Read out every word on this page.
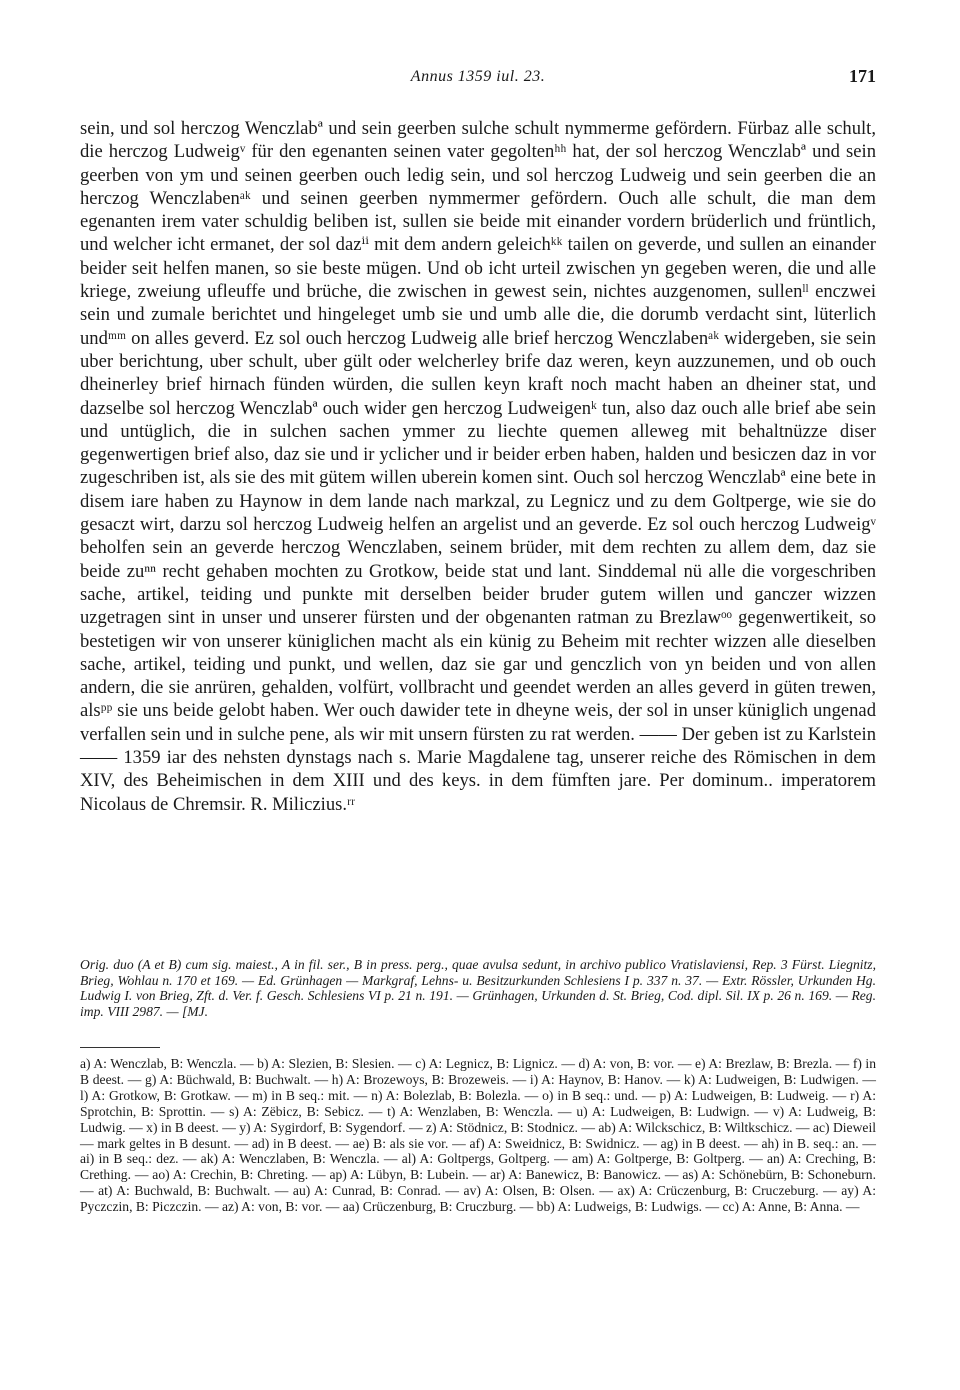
Annus 1359 iul. 23.	171

sein, und sol herczog Wenczlabª und sein geerben sulche schult nymmerme gefördern. Fürbaz alle schult, die herczog Ludweigᵛ für den egenanten seinen vater gegoltenʰʰ hat, der sol herczog Wenczlabª und sein geerben von ym und seinen geerben ouch ledig sein, und sol herczog Ludweig und sein geerben die an herczog Wenczlabenᵃᵏ und seinen geerben nymmermer gefördern. Ouch alle schult, die man dem egenanten irem vater schuldig beliben ist, sullen sie beide mit einander vordern brüderlich und früntlich, und welcher icht ermanet, der sol dazⁱⁱ mit dem andern geleichᵏᵏ tailen on geverde, und sullen an einander beider seit helfen manen, so sie beste mügen. Und ob icht urteil zwischen yn gegeben weren, die und alle kriege, zweiung ufleuffe und brüche, die zwischen in gewest sein, nichtes auzgenomen, sullenˡˡ enczwei sein und zumale berichtet und hingeleget umb sie und umb alle die, die dorumb verdacht sint, lüterlich undᵐᵐ on alles geverd. Ez sol ouch herczog Ludweig alle brief herczog Wenczlabenᵃᵏ widergeben, sie sein uber berichtung, uber schult, uber gült oder welcherley brife daz weren, keyn auzzunemen, und ob ouch dheinerley brief hirnach fünden würden, die sullen keyn kraft noch macht haben an dheiner stat, und dazselbe sol herczog Wenczlabª ouch wider gen herczog Ludweigenᵏ tun, also daz ouch alle brief abe sein und untüglich, die in sulchen sachen ymmer zu liechte quemen alleweg mit behaltnüzze diser gegenwertigen brief also, daz sie und ir yclicher und ir beider erben haben, halden und besiczen daz in vor zugeschriben ist, als sie des mit gütem willen uberein komen sint. Ouch sol herczog Wenczlabª eine bete in disem iare haben zu Haynow in dem lande nach markzal, zu Legnicz und zu dem Goltperge, wie sie do gesaczt wirt, darzu sol herczog Ludweig helfen an argelist und an geverde. Ez sol ouch herczog Ludweigᵛ beholfen sein an geverde herczog Wenczlaben, seinem brüder, mit dem rechten zu allem dem, daz sie beide zuⁿⁿ recht gehaben mochten zu Grotkow, beide stat und lant. Sinddemal nü alle die vorgeschriben sache, artikel, teiding und punkte mit derselben beider bruder gutem willen und ganczer wizzen uzgetragen sint in unser und unserer fürsten und der obgenanten ratman zu Brezlawᵒᵒ gegenwertikeit, so bestetigen wir von unserer küniglichen macht als ein künig zu Beheim mit rechter wizzen alle dieselben sache, artikel, teiding und punkt, und wellen, daz sie gar und genczlich von yn beiden und von allen andern, die sie anrüren, gehalden, volfürt, vollbracht und geendet werden an alles geverd in güten trewen, alsᵖᵖ sie uns beide gelobt haben. Wer ouch dawider tete in dheyne weis, der sol in unser küniglich ungenad verfallen sein und in sulche pene, als wir mit unsern fürsten zu rat werden. —— Der geben ist zu Karlstein —— 1359 iar des nehsten dynstags nach s. Marie Magdalene tag, unserer reiche des Römischen in dem XIV, des Beheimischen in dem XIII und des keys. in dem fümften jare. Per dominum.. imperatorem Nicolaus de Chremsir. R. Miliczius.ʳʳ

Orig. duo (A et B) cum sig. maiest., A in fil. ser., B in press. perg., quae avulsa sedunt, in archivo publico Vratislaviensi, Rep. 3 Fürst. Liegnitz, Brieg, Wohlau n. 170 et 169. — Ed. Grünhagen — Markgraf, Lehns- u. Besitzurkunden Schlesiens I p. 337 n. 37. — Extr. Rössler, Urkunden Hg. Ludwig I. von Brieg, Zft. d. Ver. f. Gesch. Schlesiens VI p. 21 n. 191. — Grünhagen, Urkunden d. St. Brieg, Cod. dipl. Sil. IX p. 26 n. 169. — Reg. imp. VIII 2987. — [MJ.

a) A: Wenczlab, B: Wenczla. — b) A: Slezien, B: Slesien. — c) A: Legnicz, B: Lignicz. — d) A: von, B: vor. — e) A: Brezlaw, B: Brezla. — f) in B deest. — g) A: Büchwald, B: Buchwalt. — h) A: Brozewoys, B: Brozeweis. — i) A: Haynov, B: Hanov. — k) A: Ludweigen, B: Ludwigen. — l) A: Grotkow, B: Grotkaw. — m) in B seq.: mit. — n) A: Bolezlab, B: Bolezla. — o) in B seq.: und. — p) A: Ludweigen, B: Ludweig. — r) A: Sprotchin, B: Sprottin. — s) A: Zëbicz, B: Sebicz. — t) A: Wenzlaben, B: Wenczla. — u) A: Ludweigen, B: Ludwign. — v) A: Ludweig, B: Ludwig. — x) in B deest. — y) A: Sygirdorf, B: Sygendorf. — z) A: Stödnicz, B: Stodnicz. — ab) A: Wilckschicz, B: Wiltkschicz. — ac) Dieweil — mark geltes in B desunt. — ad) in B deest. — ae) B: als sie vor. — af) A: Sweidnicz, B: Swidnicz. — ag) in B deest. — ah) in B. seq.: an. — ai) in B seq.: dez. — ak) A: Wenczlaben, B: Wenczla. — al) A: Goltpergs, Goltperg. — am) A: Goltperge, B: Goltperg. — an) A: Creching, B: Crething. — ao) A: Crechin, B: Chreting. — ap) A: Lübyn, B: Lubein. — ar) A: Banewicz, B: Banowicz. — as) A: Schönebürn, B: Schoneburn. — at) A: Buchwald, B: Buchwalt. — au) A: Cunrad, B: Conrad. — av) A: Olsen, B: Olsen. — ax) A: Crüczenburg, B: Cruczeburg. — ay) A: Pyczczin, B: Piczczin. — az) A: von, B: vor. — aa) Crüczenburg, B: Cruczburg. — bb) A: Ludweigs, B: Ludwigs. — cc) A: Anne, B: Anna. —
